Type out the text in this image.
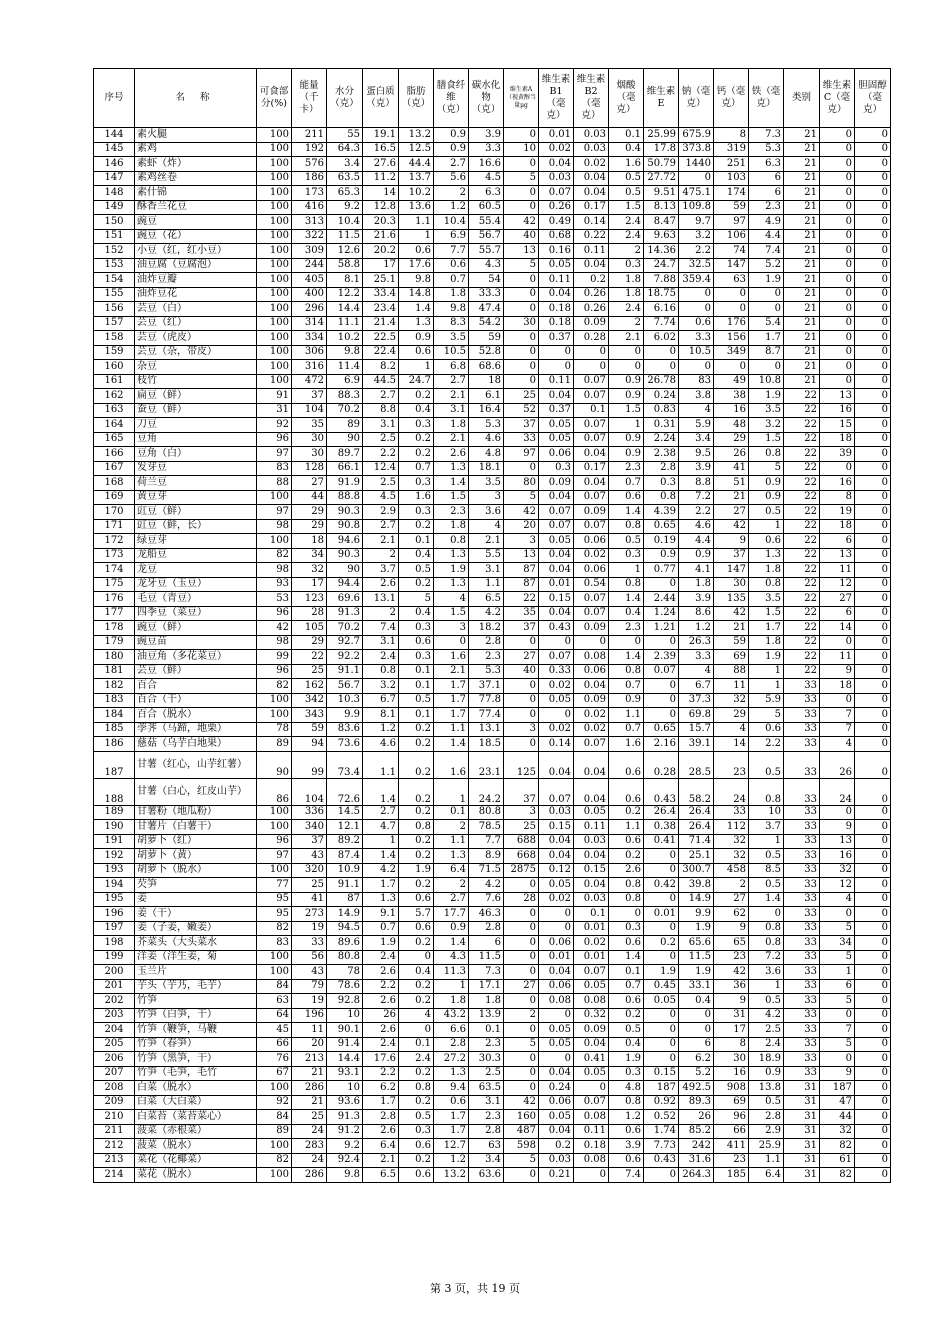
序号	名 称	可食部分(%)	能量（千卡）	水分（克）	蛋白质（克）	脂肪（克）	膳食纤维（克）	碳水化物（克）	维生素A（视黄醇当量μg	维生素B1（毫克）	维生素B2（毫克）	烟酸（毫克）	维生素E	钠（毫克）	钙（毫克）	铁（毫克）	类别	维生素C（毫克）	胆固醇（毫克）
144	素火腿	100	211	55	19.1	13.2	0.9	3.9	0	0.01	0.03	0.1	25.99	675.9	8	7.3	21	0	0
145	素鸡	100	192	64.3	16.5	12.5	0.9	3.3	10	0.02	0.03	0.4	17.8	373.8	319	5.3	21	0	0
146	素虾（炸）	100	576	3.4	27.6	44.4	2.7	16.6	0	0.04	0.02	1.6	50.79	1440	251	6.3	21	0	0
147	素鸡丝卷	100	186	63.5	11.2	13.7	5.6	4.5	5	0.03	0.04	0.5	27.72	0	103	6	21	0	0
148	素什锦	100	173	65.3	14	10.2	2	6.3	0	0.07	0.04	0.5	9.51	475.1	174	6	21	0	0
149	酥香兰花豆	100	416	9.2	12.8	13.6	1.2	60.5	0	0.26	0.17	1.5	8.13	109.8	59	2.3	21	0	0
150	豌豆	100	313	10.4	20.3	1.1	10.4	55.4	42	0.49	0.14	2.4	8.47	9.7	97	4.9	21	0	0
151	豌豆（花）	100	322	11.5	21.6	1	6.9	56.7	40	0.68	0.22	2.4	9.63	3.2	106	4.4	21	0	0
152	小豆（红，红小豆）	100	309	12.6	20.2	0.6	7.7	55.7	13	0.16	0.11	2	14.36	2.2	74	7.4	21	0	0
153	油豆腐（豆腐泡）	100	244	58.8	17	17.6	0.6	4.3	5	0.05	0.04	0.3	24.7	32.5	147	5.2	21	0	0
154	油炸豆瓣	100	405	8.1	25.1	9.8	0.7	54	0	0.11	0.2	1.8	7.88	359.4	63	1.9	21	0	0
155	油炸豆花	100	400	12.2	33.4	14.8	1.8	33.3	0	0.04	0.26	1.8	18.75	0	0	0	21	0	0
156	芸豆（白）	100	296	14.4	23.4	1.4	9.8	47.4	0	0.18	0.26	2.4	6.16	0	0	0	21	0	0
157	芸豆（红）	100	314	11.1	21.4	1.3	8.3	54.2	30	0.18	0.09	2	7.74	0.6	176	5.4	21	0	0
158	芸豆（虎皮）	100	334	10.2	22.5	0.9	3.5	59	0	0.37	0.28	2.1	6.02	3.3	156	1.7	21	0	0
159	芸豆（杂，带皮）	100	306	9.8	22.4	0.6	10.5	52.8	0	0	0	0	0	10.5	349	8.7	21	0	0
160	杂豆	100	316	11.4	8.2	1	6.8	68.6	0	0	0	0	0	0	0	0	21	0	0
161	枝竹	100	472	6.9	44.5	24.7	2.7	18	0	0.11	0.07	0.9	26.78	83	49	10.8	21	0	0
162	扁豆（鲜）	91	37	88.3	2.7	0.2	2.1	6.1	25	0.04	0.07	0.9	0.24	3.8	38	1.9	22	13	0
163	蚕豆（鲜）	31	104	70.2	8.8	0.4	3.1	16.4	52	0.37	0.1	1.5	0.83	4	16	3.5	22	16	0
164	刀豆	92	35	89	3.1	0.3	1.8	5.3	37	0.05	0.07	1	0.31	5.9	48	3.2	22	15	0
165	豆角	96	30	90	2.5	0.2	2.1	4.6	33	0.05	0.07	0.9	2.24	3.4	29	1.5	22	18	0
166	豆角（白）	97	30	89.7	2.2	0.2	2.6	4.8	97	0.06	0.04	0.9	2.38	9.5	26	0.8	22	39	0
167	发芽豆	83	128	66.1	12.4	0.7	1.3	18.1	0	0.3	0.17	2.3	2.8	3.9	41	5	22	0	0
168	荷兰豆	88	27	91.9	2.5	0.3	1.4	3.5	80	0.09	0.04	0.7	0.3	8.8	51	0.9	22	16	0
169	黄豆芽	100	44	88.8	4.5	1.6	1.5	3	5	0.04	0.07	0.6	0.8	7.2	21	0.9	22	8	0
170	豇豆（鲜）	97	29	90.3	2.9	0.3	2.3	3.6	42	0.07	0.09	1.4	4.39	2.2	27	0.5	22	19	0
171	豇豆（鲜，长）	98	29	90.8	2.7	0.2	1.8	4	20	0.07	0.07	0.8	0.65	4.6	42	1	22	18	0
172	绿豆芽	100	18	94.6	2.1	0.1	0.8	2.1	3	0.05	0.06	0.5	0.19	4.4	9	0.6	22	6	0
173	龙船豆	82	34	90.3	2	0.4	1.3	5.5	13	0.04	0.02	0.3	0.9	0.9	37	1.3	22	13	0
174	龙豆	98	32	90	3.7	0.5	1.9	3.1	87	0.04	0.06	1	0.77	4.1	147	1.8	22	11	0
175	龙牙豆（玉豆）	93	17	94.4	2.6	0.2	1.3	1.1	87	0.01	0.54	0.8	0	1.8	30	0.8	22	12	0
176	毛豆（青豆）	53	123	69.6	13.1	5	4	6.5	22	0.15	0.07	1.4	2.44	3.9	135	3.5	22	27	0
177	四季豆（菜豆）	96	28	91.3	2	0.4	1.5	4.2	35	0.04	0.07	0.4	1.24	8.6	42	1.5	22	6	0
178	豌豆（鲜）	42	105	70.2	7.4	0.3	3	18.2	37	0.43	0.09	2.3	1.21	1.2	21	1.7	22	14	0
179	豌豆苗	98	29	92.7	3.1	0.6	0	2.8	0	0	0	0	0	26.3	59	1.8	22	0	0
180	油豆角（多花菜豆）	99	22	92.2	2.4	0.3	1.6	2.3	27	0.07	0.08	1.4	2.39	3.3	69	1.9	22	11	0
181	芸豆（鲜）	96	25	91.1	0.8	0.1	2.1	5.3	40	0.33	0.06	0.8	0.07	4	88	1	22	9	0
182	百合	82	162	56.7	3.2	0.1	1.7	37.1	0	0.02	0.04	0.7	0	6.7	11	1	33	18	0
183	百合（干）	100	342	10.3	6.7	0.5	1.7	77.8	0	0.05	0.09	0.9	0	37.3	32	5.9	33	0	0
184	百合（脱水）	100	343	9.9	8.1	0.1	1.7	77.4	0	0	0.02	1.1	0	69.8	29	5	33	7	0
185	荸荠（马蹄，地栗）	78	59	83.6	1.2	0.2	1.1	13.1	3	0.02	0.02	0.7	0.65	15.7	4	0.6	33	7	0
186	慈菇（乌芋白地果）	89	94	73.6	4.6	0.2	1.4	18.5	0	0.14	0.07	1.6	2.16	39.1	14	2.2	33	4	0
187	甘薯（红心，山芋红薯）	90	99	73.4	1.1	0.2	1.6	23.1	125	0.04	0.04	0.6	0.28	28.5	23	0.5	33	26	0
188	甘薯（白心，红皮山芋）	86	104	72.6	1.4	0.2	1	24.2	37	0.07	0.04	0.6	0.43	58.2	24	0.8	33	24	0
189	甘薯粉（地瓜粉）	100	336	14.5	2.7	0.2	0.1	80.8	3	0.03	0.05	0.2	26.4	26.4	33	10	33	0	0
190	甘薯片（白薯干）	100	340	12.1	4.7	0.8	2	78.5	25	0.15	0.11	1.1	0.38	26.4	112	3.7	33	9	0
191	胡萝卜（红）	96	37	89.2	1	0.2	1.1	7.7	688	0.04	0.03	0.6	0.41	71.4	32	1	33	13	0
192	胡萝卜（黄）	97	43	87.4	1.4	0.2	1.3	8.9	668	0.04	0.04	0.2	0	25.1	32	0.5	33	16	0
193	胡萝卜（脱水）	100	320	10.9	4.2	1.9	6.4	71.5	2875	0.12	0.15	2.6	0	300.7	458	8.5	33	32	0
194	芡笋	77	25	91.1	1.7	0.2	2	4.2	0	0.05	0.04	0.8	0.42	39.8	2	0.5	33	12	0
195	姜	95	41	87	1.3	0.6	2.7	7.6	28	0.02	0.03	0.8	0	14.9	27	1.4	33	4	0
196	姜（干）	95	273	14.9	9.1	5.7	17.7	46.3	0	0	0.1	0	0.01	9.9	62	0	33	0	0
197	姜（子姜，嫩姜）	82	19	94.5	0.7	0.6	0.9	2.8	0	0	0.01	0.3	0	1.9	9	0.8	33	5	0
198	芥菜头（大头菜水	83	33	89.6	1.9	0.2	1.4	6	0	0.06	0.02	0.6	0.2	65.6	65	0.8	33	34	0
199	洋姜（洋生姜，菊	100	56	80.8	2.4	0	4.3	11.5	0	0.01	0.01	1.4	0	11.5	23	7.2	33	5	0
200	玉兰片	100	43	78	2.6	0.4	11.3	7.3	0	0.04	0.07	0.1	1.9	1.9	42	3.6	33	1	0
201	芋头（芋艿，毛芋）	84	79	78.6	2.2	0.2	1	17.1	27	0.06	0.05	0.7	0.45	33.1	36	1	33	6	0
202	竹笋	63	19	92.8	2.6	0.2	1.8	1.8	0	0.08	0.08	0.6	0.05	0.4	9	0.5	33	5	0
203	竹笋（白笋，干）	64	196	10	26	4	43.2	13.9	2	0	0.32	0.2	0	0	31	4.2	33	0	0
204	竹笋（鞭笋，马鞭	45	11	90.1	2.6	0	6.6	0.1	0	0.05	0.09	0.5	0	0	17	2.5	33	7	0
205	竹笋（春笋）	66	20	91.4	2.4	0.1	2.8	2.3	5	0.05	0.04	0.4	0	6	8	2.4	33	5	0
206	竹笋（黑笋，干）	76	213	14.4	17.6	2.4	27.2	30.3	0	0	0.41	1.9	0	6.2	30	18.9	33	0	0
207	竹笋（毛笋，毛竹	67	21	93.1	2.2	0.2	1.3	2.5	0	0.04	0.05	0.3	0.15	5.2	16	0.9	33	9	0
208	白菜（脱水）	100	286	10	6.2	0.8	9.4	63.5	0	0.24	0	4.8	187	492.5	908	13.8	31	187	0
209	白菜（大白菜）	92	21	93.6	1.7	0.2	0.6	3.1	42	0.06	0.07	0.8	0.92	89.3	69	0.5	31	47	0
210	白菜苔（菜苔菜心）	84	25	91.3	2.8	0.5	1.7	2.3	160	0.05	0.08	1.2	0.52	26	96	2.8	31	44	0
211	菠菜（赤根菜）	89	24	91.2	2.6	0.3	1.7	2.8	487	0.04	0.11	0.6	1.74	85.2	66	2.9	31	32	0
212	菠菜（脱水）	100	283	9.2	6.4	0.6	12.7	63	598	0.2	0.18	3.9	7.73	242	411	25.9	31	82	0
213	菜花（花椰菜）	82	24	92.4	2.1	0.2	1.2	3.4	5	0.03	0.08	0.6	0.43	31.6	23	1.1	31	61	0
214	菜花（脱水）	100	286	9.8	6.5	0.6	13.2	63.6	0	0.21	0	7.4	0	264.3	185	6.4	31	82	0
第 3 页，共 19 页
